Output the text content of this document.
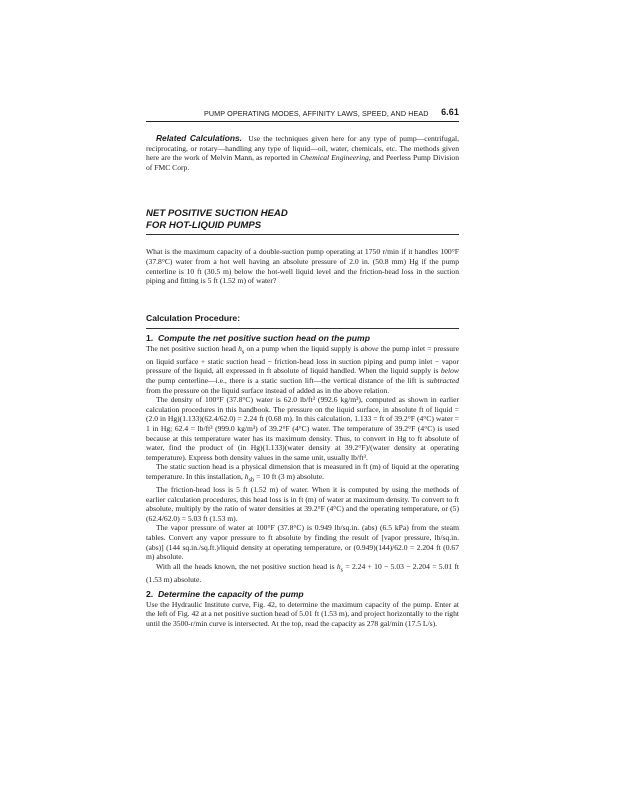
PUMP OPERATING MODES, AFFINITY LAWS, SPEED, AND HEAD 6.61

Related Calculations. Use the techniques given here for any type of pump—centrifugal, reciprocating, or rotary—handling any type of liquid—oil, water, chemicals, etc. The methods given here are the work of Melvin Mann, as reported in Chemical Engineering, and Peerless Pump Division of FMC Corp.

NET POSITIVE SUCTION HEAD
FOR HOT-LIQUID PUMPS

What is the maximum capacity of a double-suction pump operating at 1750 r/min if it handles 100°F (37.8°C) water from a hot well having an absolute pressure of 2.0 in. (50.8 mm) Hg if the pump centerline is 10 ft (30.5 m) below the hot-well liquid level and the friction-head loss in the suction piping and fitting is 5 ft (1.52 m) of water?

Calculation Procedure:
1. Compute the net positive suction head on the pump

The net positive suction head $h_s$ on a pump when the liquid supply is above the pump inlet = pressure on liquid surface + static suction head − friction-head loss in suction piping and pump inlet − vapor pressure of the liquid, all expressed in ft absolute of liquid handled. When the liquid supply is below the pump centerline—i.e., there is a static suction lift—the vertical distance of the lift is subtracted from the pressure on the liquid surface instead of added as in the above relation.

The density of 100°F (37.8°C) water is 62.0 lb/ft³ (992.6 kg/m³), computed as shown in earlier calculation procedures in this handbook. The pressure on the liquid surface, in absolute ft of liquid = (2.0 in Hg)(1.133)(62.4/62.0) = 2.24 ft (0.68 m). In this calculation, 1.133 = ft of 39.2°F (4°C) water = 1 in Hg; 62.4 = lb/ft³ (999.0 kg/m³) of 39.2°F (4°C) water. The temperature of 39.2°F (4°C) is used because at this temperature water has its maximum density. Thus, to convert in Hg to ft absolute of water, find the product of (in Hg)(1.133)(water density at 39.2°F)/(water density at operating temperature). Express both density values in the same unit, usually lb/ft³.

The static suction head is a physical dimension that is measured in ft (m) of liquid at the operating temperature. In this installation, $h_{sb} = 10$ ft (3 m) absolute.

The friction-head loss is 5 ft (1.52 m) of water. When it is computed by using the methods of earlier calculation procedures, this head loss is in ft (m) of water at maximum density. To convert to ft absolute, multiply by the ratio of water densities at 39.2°F (4°C) and the operating temperature, or (5)(62.4/62.0) = 5.03 ft (1.53 m).

The vapor pressure of water at 100°F (37.8°C) is 0.949 lb/sq.in. (abs) (6.5 kPa) from the steam tables. Convert any vapor pressure to ft absolute by finding the result of [vapor pressure, lb/sq.in. (abs)] (144 sq.in./sq.ft.)/liquid density at operating temperature, or (0.949)(144)/62.0 = 2.204 ft (0.67 m) absolute.

With all the heads known, the net positive suction head is $h_s = 2.24 + 10 - 5.03 - 2.204 = 5.01$ ft (1.53 m) absolute.

2. Determine the capacity of the pump

Use the Hydraulic Institute curve, Fig. 42, to determine the maximum capacity of the pump. Enter at the left of Fig. 42 at a net positive suction head of 5.01 ft (1.53 m), and project horizontally to the right until the 3500-r/min curve is intersected. At the top, read the capacity as 278 gal/min (17.5 L/s).
